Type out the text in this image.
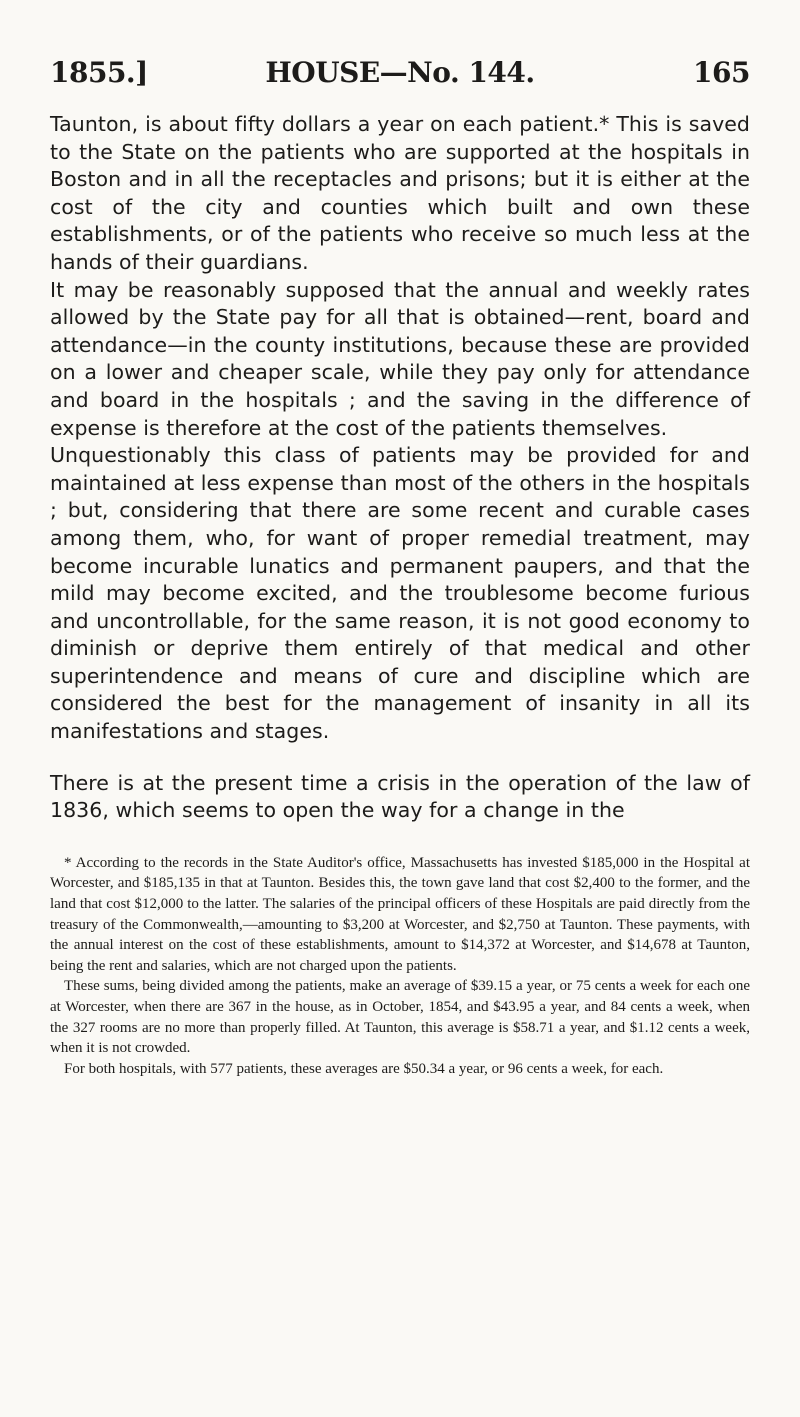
1855.]	HOUSE—No. 144.	165

Taunton, is about fifty dollars a year on each patient.* This is saved to the State on the patients who are supported at the hospitals in Boston and in all the receptacles and prisons; but it is either at the cost of the city and counties which built and own these establishments, or of the patients who receive so much less at the hands of their guardians.

It may be reasonably supposed that the annual and weekly rates allowed by the State pay for all that is obtained—rent, board and attendance—in the county institutions, because these are provided on a lower and cheaper scale, while they pay only for attendance and board in the hospitals ; and the saving in the difference of expense is therefore at the cost of the patients themselves.

Unquestionably this class of patients may be provided for and maintained at less expense than most of the others in the hospitals ; but, considering that there are some recent and curable cases among them, who, for want of proper remedial treatment, may become incurable lunatics and permanent paupers, and that the mild may become excited, and the troublesome become furious and uncontrollable, for the same reason, it is not good economy to diminish or deprive them entirely of that medical and other superintendence and means of cure and discipline which are considered the best for the management of insanity in all its manifestations and stages.

There is at the present time a crisis in the operation of the law of 1836, which seems to open the way for a change in the

* According to the records in the State Auditor's office, Massachusetts has invested $185,000 in the Hospital at Worcester, and $185,135 in that at Taunton. Besides this, the town gave land that cost $2,400 to the former, and the land that cost $12,000 to the latter. The salaries of the principal officers of these Hospitals are paid directly from the treasury of the Commonwealth,—amounting to $3,200 at Worcester, and $2,750 at Taunton. These payments, with the annual interest on the cost of these establishments, amount to $14,372 at Worcester, and $14,678 at Taunton, being the rent and salaries, which are not charged upon the patients.

These sums, being divided among the patients, make an average of $39.15 a year, or 75 cents a week for each one at Worcester, when there are 367 in the house, as in October, 1854, and $43.95 a year, and 84 cents a week, when the 327 rooms are no more than properly filled. At Taunton, this average is $58.71 a year, and $1.12 cents a week, when it is not crowded.

For both hospitals, with 577 patients, these averages are $50.34 a year, or 96 cents a week, for each.
